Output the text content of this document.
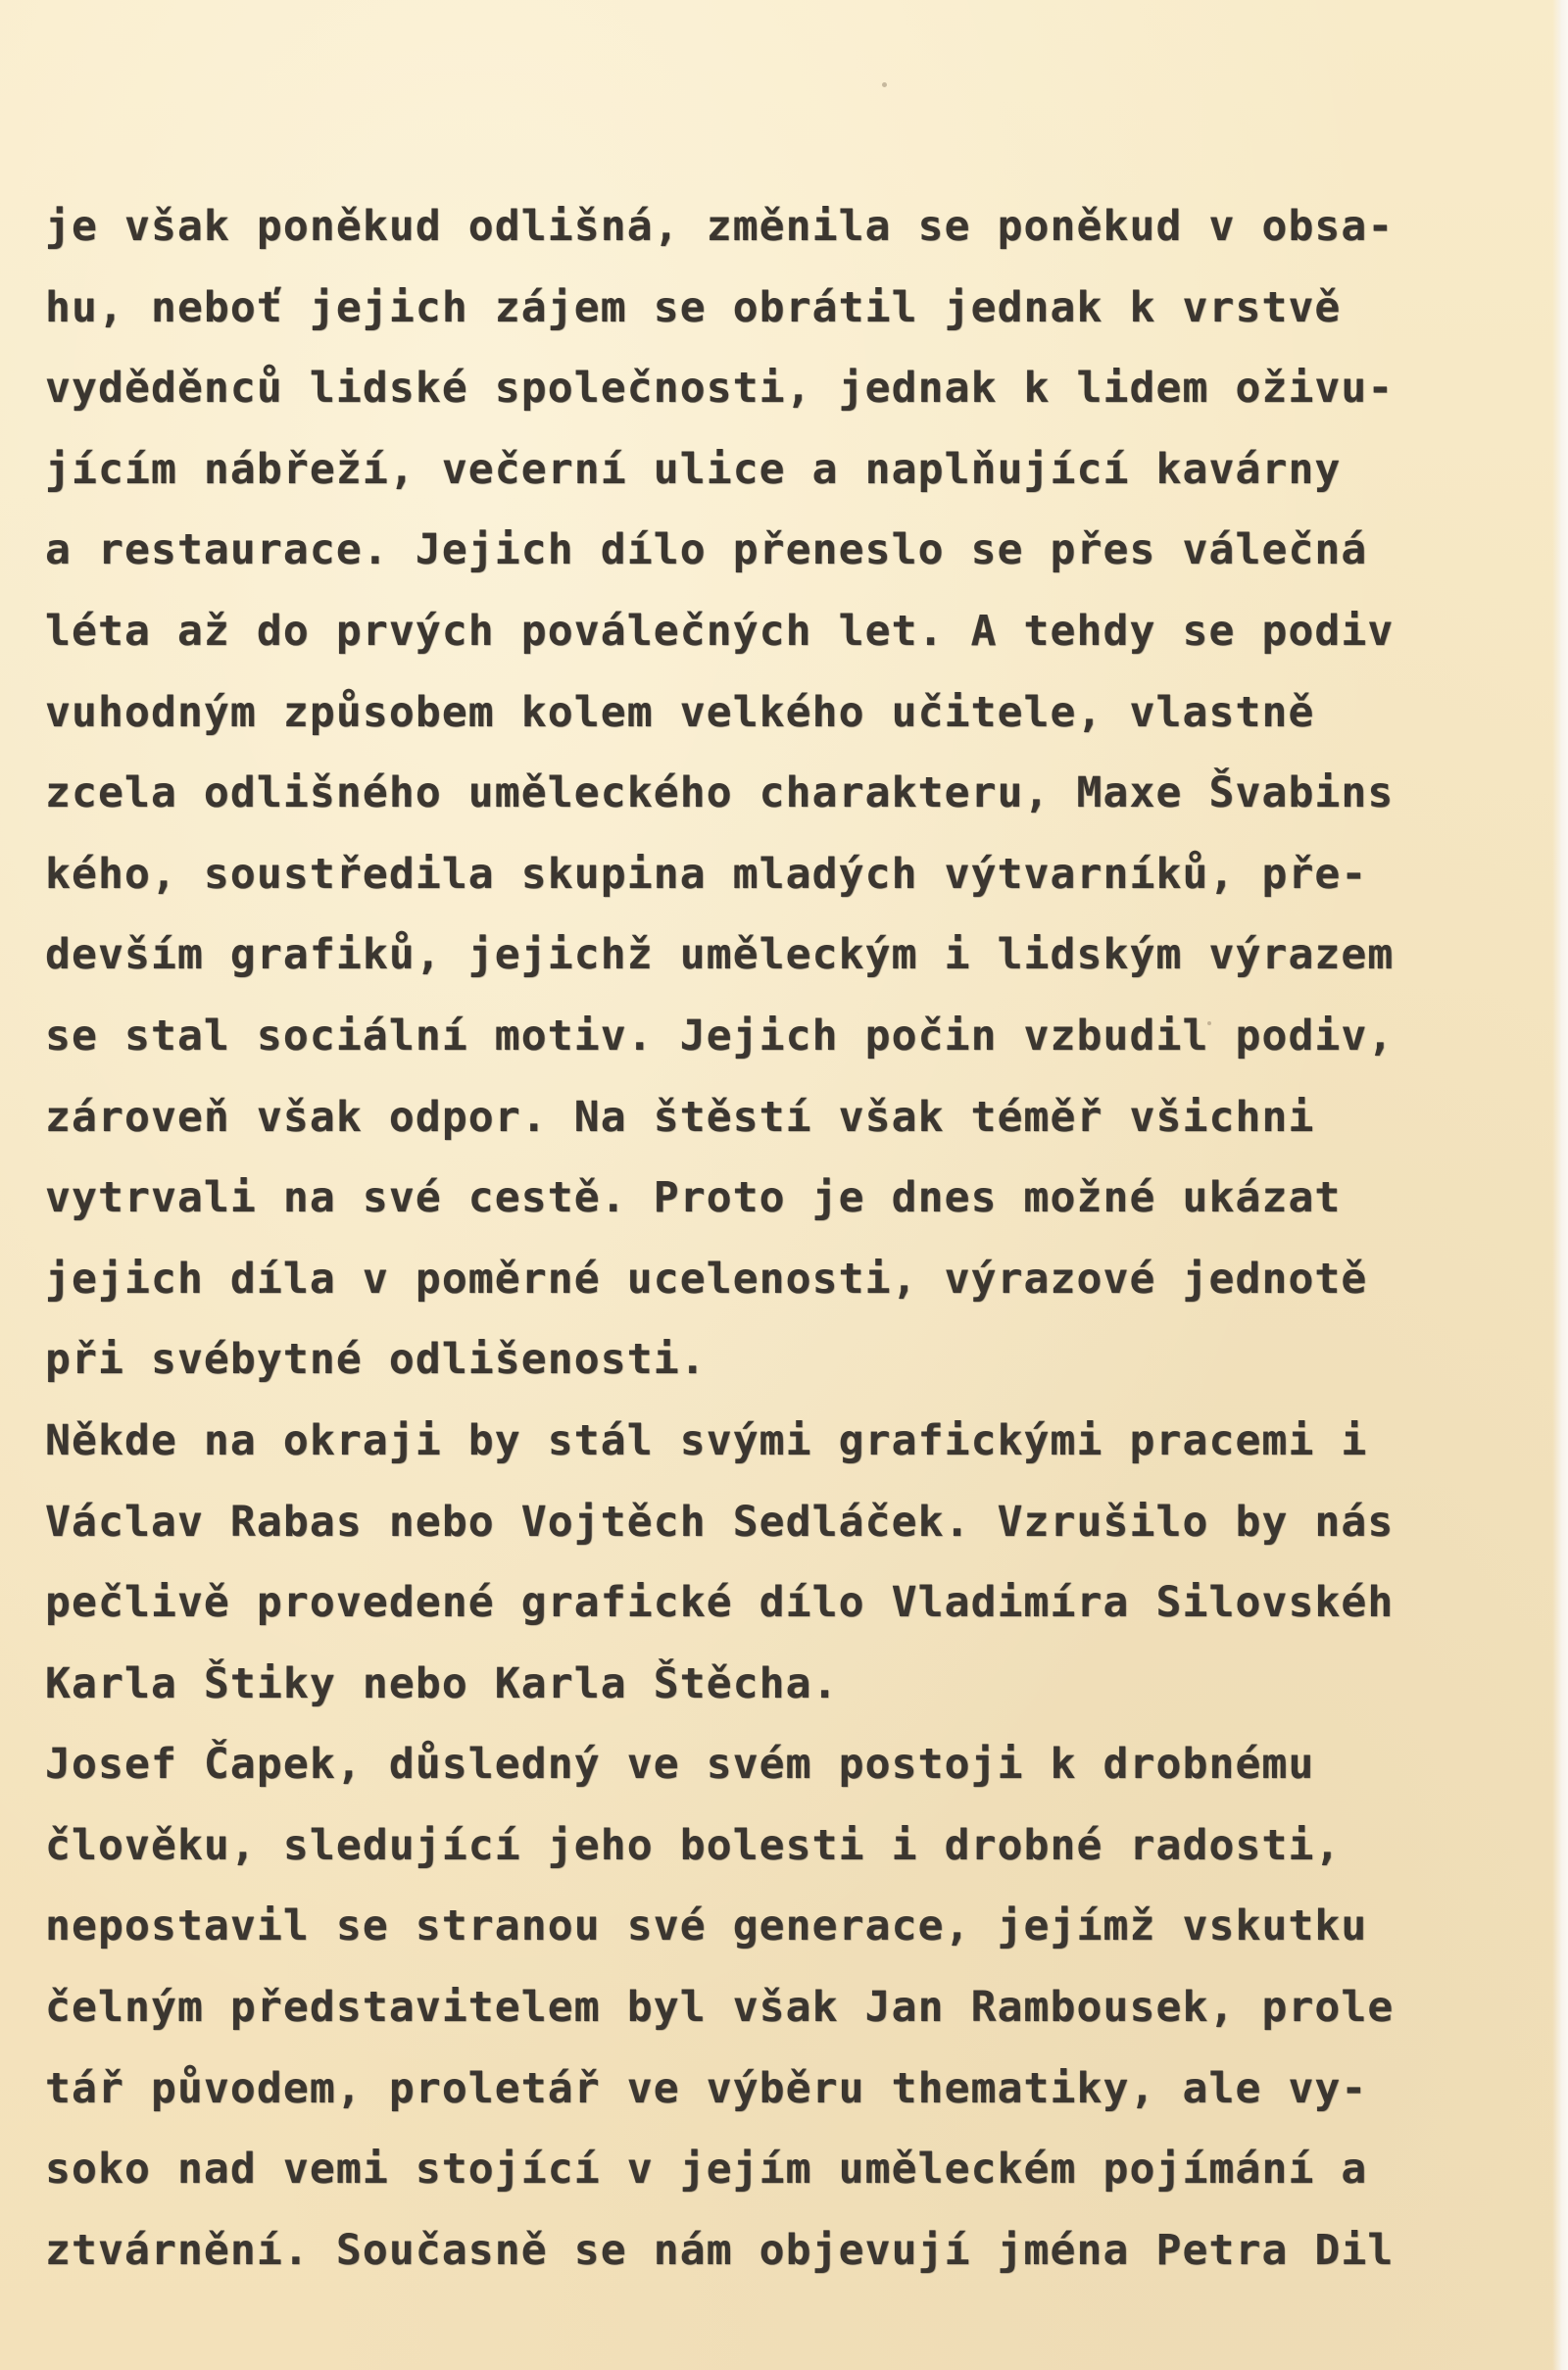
je však poněkud odlišná, změnila se poněkud v obsa-
hu, neboť jejich zájem se obrátil jednak k vrstvě
vyděděnců lidské společnosti, jednak k lidem oživu-
jícím nábřeží, večerní ulice a naplňující kavárny
a restaurace. Jejich dílo přeneslo se přes válečná
léta až do prvých poválečných let. A tehdy se podiv
vuhodným způsobem kolem velkého učitele, vlastně
zcela odlišného uměleckého charakteru, Maxe Švabins
kého, soustředila skupina mladých výtvarníků, pře-
devším grafiků, jejichž uměleckým i lidským výrazem
se stal sociální motiv. Jejich počin vzbudil podiv,
zároveň však odpor. Na štěstí však téměř všichni
vytrvali na své cestě. Proto je dnes možné ukázat
jejich díla v poměrné ucelenosti, výrazové jednotě
při svébytné odlišenosti.
Někde na okraji by stál svými grafickými pracemi i
Václav Rabas nebo Vojtěch Sedláček. Vzrušilo by nás
pečlivě provedené grafické dílo Vladimíra Silovskéh
Karla Štiky nebo Karla Štěcha.
Josef Čapek, důsledný ve svém postoji k drobnému
člověku, sledující jeho bolesti i drobné radosti,
nepostavil se stranou své generace, jejímž vskutku
čelným představitelem byl však Jan Rambousek, prole
tář původem, proletář ve výběru thematiky, ale vy-
soko nad vemi stojící v jejím uměleckém pojímání a
ztvárnění. Současně se nám objevují jména Petra Dil
